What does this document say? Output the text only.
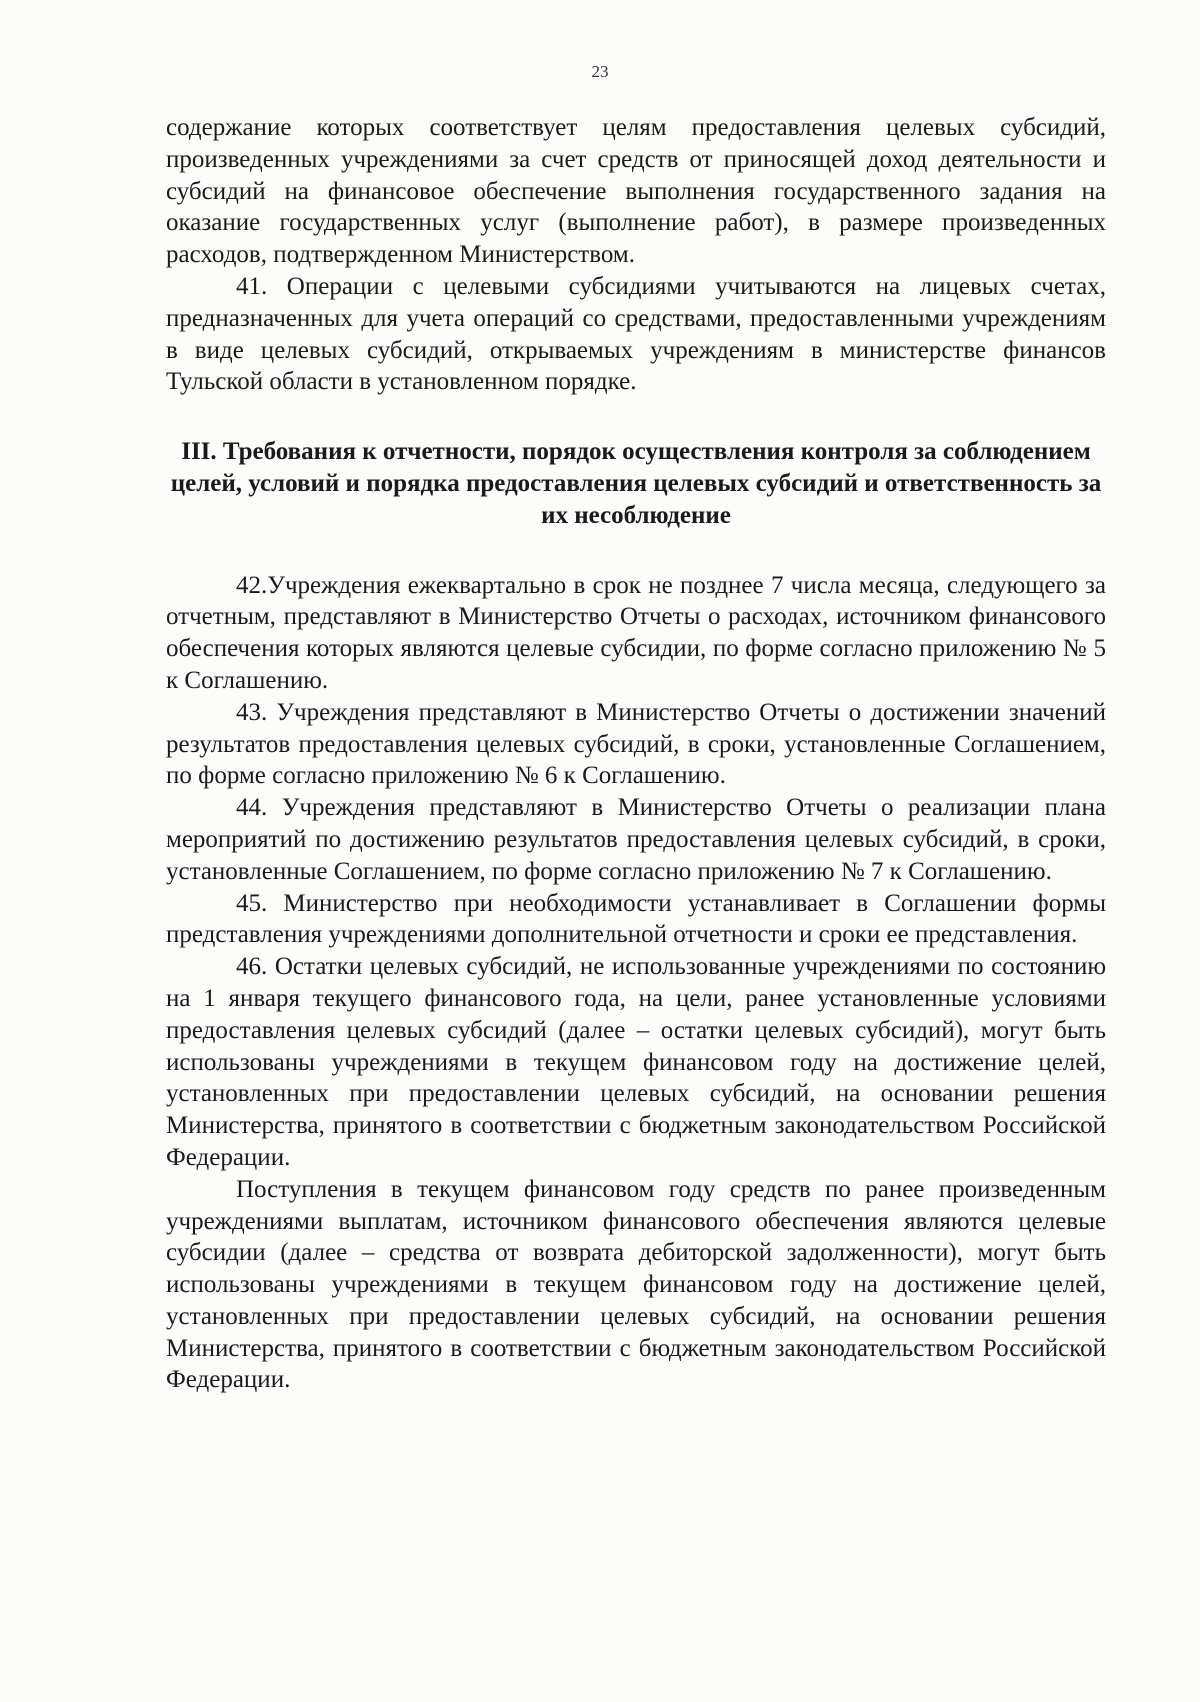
23

содержание которых соответствует целям предоставления целевых субсидий, произведенных учреждениями за счет средств от приносящей доход деятельности и субсидий на финансовое обеспечение выполнения государственного задания на оказание государственных услуг (выполнение работ), в размере произведенных расходов, подтвержденном Министерством.

41. Операции с целевыми субсидиями учитываются на лицевых счетах, предназначенных для учета операций со средствами, предоставленными учреждениям в виде целевых субсидий, открываемых учреждениям в министерстве финансов Тульской области в установленном порядке.

III. Требования к отчетности, порядок осуществления контроля за соблюдением целей, условий и порядка предоставления целевых субсидий и ответственность за их несоблюдение

42.Учреждения ежеквартально в срок не позднее 7 числа месяца, следующего за отчетным, представляют в Министерство Отчеты о расходах, источником финансового обеспечения которых являются целевые субсидии, по форме согласно приложению № 5 к Соглашению.

43. Учреждения представляют в Министерство Отчеты о достижении значений результатов предоставления целевых субсидий, в сроки, установленные Соглашением, по форме согласно приложению № 6 к Соглашению.

44. Учреждения представляют в Министерство Отчеты о реализации плана мероприятий по достижению результатов предоставления целевых субсидий, в сроки, установленные Соглашением, по форме согласно приложению № 7 к Соглашению.

45. Министерство при необходимости устанавливает в Соглашении формы представления учреждениями дополнительной отчетности и сроки ее представления.

46. Остатки целевых субсидий, не использованные учреждениями по состоянию на 1 января текущего финансового года, на цели, ранее установленные условиями предоставления целевых субсидий (далее – остатки целевых субсидий), могут быть использованы учреждениями в текущем финансовом году на достижение целей, установленных при предоставлении целевых субсидий, на основании решения Министерства, принятого в соответствии с бюджетным законодательством Российской Федерации.

Поступления в текущем финансовом году средств по ранее произведенным учреждениями выплатам, источником финансового обеспечения являются целевые субсидии (далее – средства от возврата дебиторской задолженности), могут быть использованы учреждениями в текущем финансовом году на достижение целей, установленных при предоставлении целевых субсидий, на основании решения Министерства, принятого в соответствии с бюджетным законодательством Российской Федерации.
